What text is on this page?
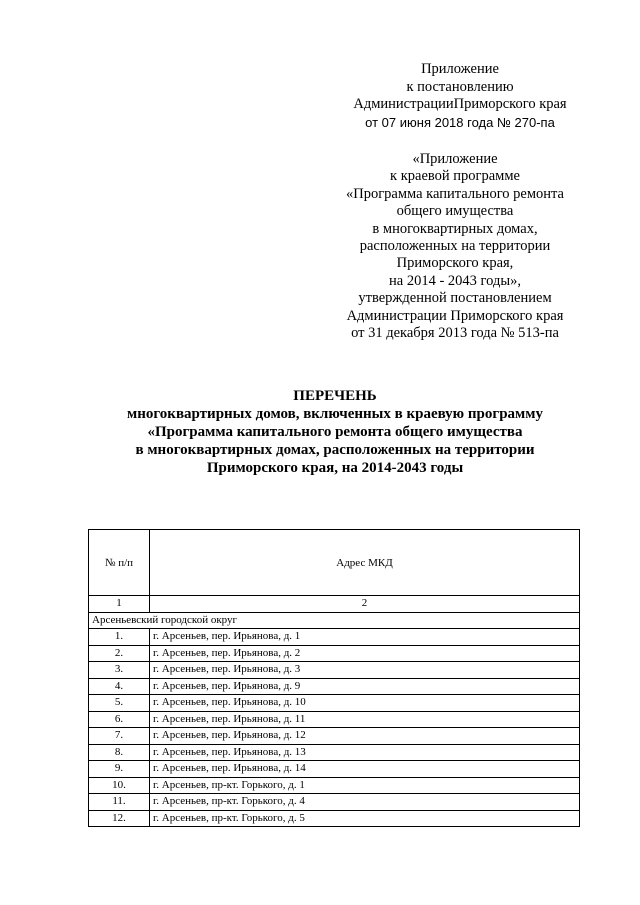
Приложение
к постановлению
АдминистрацииПриморского края
от 07 июня 2018 года № 270-па
«Приложение
к краевой программе
«Программа капитального ремонта
общего имущества
в многоквартирных домах,
расположенных на территории
Приморского края,
на 2014 - 2043 годы»,
утвержденной постановлением
Администрации Приморского края
от 31 декабря 2013 года № 513-па
ПЕРЕЧЕНЬ
многоквартирных домов, включенных в краевую программу
«Программа капитального ремонта общего имущества
в многоквартирных домах, расположенных на территории
Приморского края, на 2014-2043 годы
№ п/п	Адрес МКД
1	2
Арсеньевский городской округ	
1.	г. Арсеньев, пер. Ирьянова, д. 1
2.	г. Арсеньев, пер. Ирьянова, д. 2
3.	г. Арсеньев, пер. Ирьянова, д. 3
4.	г. Арсеньев, пер. Ирьянова, д. 9
5.	г. Арсеньев, пер. Ирьянова, д. 10
6.	г. Арсеньев, пер. Ирьянова, д. 11
7.	г. Арсеньев, пер. Ирьянова, д. 12
8.	г. Арсеньев, пер. Ирьянова, д. 13
9.	г. Арсеньев, пер. Ирьянова, д. 14
10.	г. Арсеньев, пр-кт. Горького, д. 1
11.	г. Арсеньев, пр-кт. Горького, д. 4
12.	г. Арсеньев, пр-кт. Горького, д. 5
